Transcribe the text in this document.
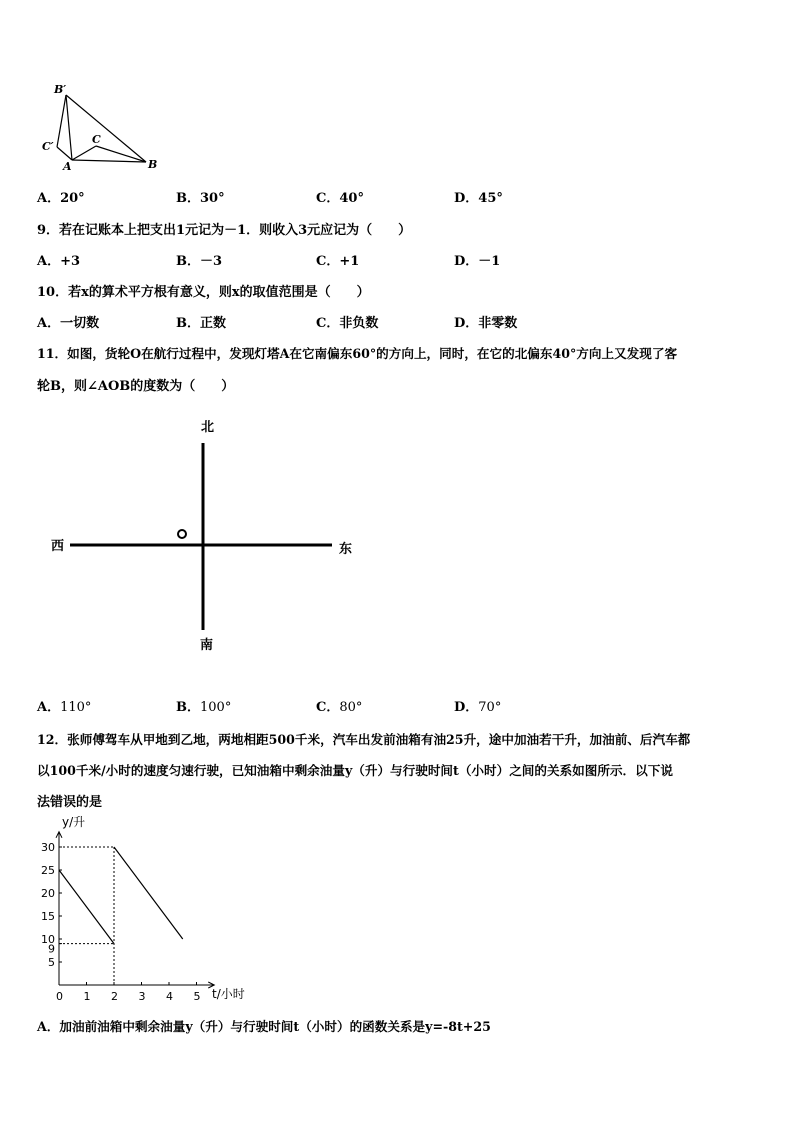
B′
C′
A
C
B
A．20°	B．30°	C．40°	D．45°
9．若在记账本上把支出1元记为－1．则收入3元应记为（　　）
A．+3	B．－3	C．+1	D．－1
10．若x的算术平方根有意义，则x的取值范围是（　　）
A．一切数	B．正数	C．非负数	D．非零数
11．如图，货轮O在航行过程中，发现灯塔A在它南偏东60°的方向上，同时，在它的北偏东40°方向上又发现了客
轮B，则∠AOB的度数为（　　）
北
南
西	东
A．110°	B．100°	C．80°	D．70°
12．张师傅驾车从甲地到乙地，两地相距500千米，汽车出发前油箱有油25升，途中加油若干升，加油前、后汽车都
以100千米/小时的速度匀速行驶，已知油箱中剩余油量y（升）与行驶时间t（小时）之间的关系如图所示．以下说
法错误的是
0 1 2 3 4 5
5
9
10
15
20
25
30
y/升
t/小时
A．加油前油箱中剩余油量y（升）与行驶时间t（小时）的函数关系是y=-8t+25
